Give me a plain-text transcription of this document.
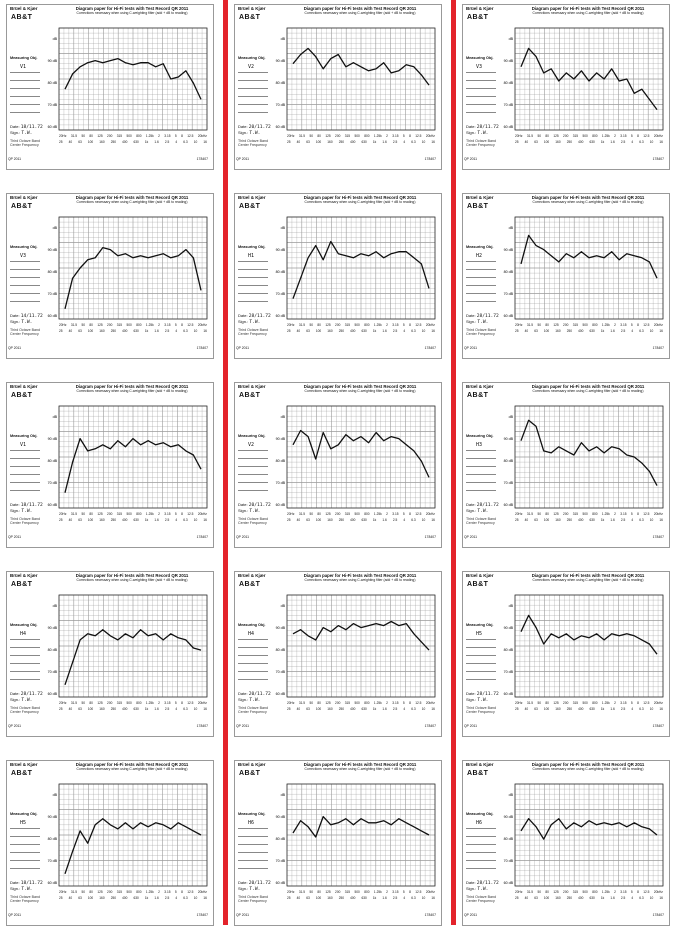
dB
90 dB
80 dB
70 dB
60 dB
Brüel & Kjær
AB&T
Diagram paper for Hi-Fi tests with Test Record QR 2011
Corrections necessary when using C-weighting filter (add + dB to reading)
Measuring Obj.
V1
Date: 18/11.72
Sign.: T.W.
Third Octave Band
Center Frequency
20Hz 31.5 50 80 125 200 315 500 800 1.25k 2 3.15 5 8 12.5 20kHz
25 40 63 100 160 250 400 630 1k 1.6 2.5 4 6.3 10 16
QP 2011	178407
dB
90 dB
80 dB
70 dB
60 dB
Brüel & Kjær
AB&T
Diagram paper for Hi-Fi tests with Test Record QR 2011
Corrections necessary when using C-weighting filter (add + dB to reading)
Measuring Obj.
V2
Date: 20/11.72
Sign.: T.W.
Third Octave Band
Center Frequency
20Hz 31.5 50 80 125 200 315 500 800 1.25k 2 3.15 5 8 12.5 20kHz
25 40 63 100 160 250 400 630 1k 1.6 2.5 4 6.3 10 16
QP 2011	178407
dB
90 dB
80 dB
70 dB
60 dB
Brüel & Kjær
AB&T
Diagram paper for Hi-Fi tests with Test Record QR 2011
Corrections necessary when using C-weighting filter (add + dB to reading)
Measuring Obj.
V3
Date: 28/11.72
Sign.: T.W.
Third Octave Band
Center Frequency
20Hz 31.5 50 80 125 200 315 500 800 1.25k 2 3.15 5 8 12.5 20kHz
25 40 63 100 160 250 400 630 1k 1.6 2.5 4 6.3 10 16
QP 2011	178407
dB
90 dB
80 dB
70 dB
60 dB
Brüel & Kjær
AB&T
Diagram paper for Hi-Fi tests with Test Record QR 2011
Corrections necessary when using C-weighting filter (add + dB to reading)
Measuring Obj.
V3
Date: 14/11.72
Sign.: T.W.
Third Octave Band
Center Frequency
20Hz 31.5 50 80 125 200 315 500 800 1.25k 2 3.15 5 8 12.5 20kHz
25 40 63 100 160 250 400 630 1k 1.6 2.5 4 6.3 10 16
QP 2011	178407
dB
90 dB
80 dB
70 dB
60 dB
Brüel & Kjær
AB&T
Diagram paper for Hi-Fi tests with Test Record QR 2011
Corrections necessary when using C-weighting filter (add + dB to reading)
Measuring Obj.
H1
Date: 28/11.72
Sign.: T.W.
Third Octave Band
Center Frequency
20Hz 31.5 50 80 125 200 315 500 800 1.25k 2 3.15 5 8 12.5 20kHz
25 40 63 100 160 250 400 630 1k 1.6 2.5 4 6.3 10 16
QP 2011	178407
dB
90 dB
80 dB
70 dB
60 dB
Brüel & Kjær
AB&T
Diagram paper for Hi-Fi tests with Test Record QR 2011
Corrections necessary when using C-weighting filter (add + dB to reading)
Measuring Obj.
H2
Date: 28/11.72
Sign.: T.W.
Third Octave Band
Center Frequency
20Hz 31.5 50 80 125 200 315 500 800 1.25k 2 3.15 5 8 12.5 20kHz
25 40 63 100 160 250 400 630 1k 1.6 2.5 4 6.3 10 16
QP 2011	178407
dB
90 dB
80 dB
70 dB
60 dB
Brüel & Kjær
AB&T
Diagram paper for Hi-Fi tests with Test Record QR 2011
Corrections necessary when using C-weighting filter (add + dB to reading)
Measuring Obj.
V1
Date: 18/11.72
Sign.: T.W.
Third Octave Band
Center Frequency
20Hz 31.5 50 80 125 200 315 500 800 1.25k 2 3.15 5 8 12.5 20kHz
25 40 63 100 160 250 400 630 1k 1.6 2.5 4 6.3 10 16
QP 2011	178407
dB
90 dB
80 dB
70 dB
60 dB
Brüel & Kjær
AB&T
Diagram paper for Hi-Fi tests with Test Record QR 2011
Corrections necessary when using C-weighting filter (add + dB to reading)
Measuring Obj.
V2
Date: 20/11.72
Sign.: T.W.
Third Octave Band
Center Frequency
20Hz 31.5 50 80 125 200 315 500 800 1.25k 2 3.15 5 8 12.5 20kHz
25 40 63 100 160 250 400 630 1k 1.6 2.5 4 6.3 10 16
QP 2011	178407
dB
90 dB
80 dB
70 dB
60 dB
Brüel & Kjær
AB&T
Diagram paper for Hi-Fi tests with Test Record QR 2011
Corrections necessary when using C-weighting filter (add + dB to reading)
Measuring Obj.
H3
Date: 28/11.72
Sign.: T.W.
Third Octave Band
Center Frequency
20Hz 31.5 50 80 125 200 315 500 800 1.25k 2 3.15 5 8 12.5 20kHz
25 40 63 100 160 250 400 630 1k 1.6 2.5 4 6.3 10 16
QP 2011	178407
dB
90 dB
80 dB
70 dB
60 dB
Brüel & Kjær
AB&T
Diagram paper for Hi-Fi tests with Test Record QR 2011
Corrections necessary when using C-weighting filter (add + dB to reading)
Measuring Obj.
H4
Date: 28/11.72
Sign.: T.W.
Third Octave Band
Center Frequency
20Hz 31.5 50 80 125 200 315 500 800 1.25k 2 3.15 5 8 12.5 20kHz
25 40 63 100 160 250 400 630 1k 1.6 2.5 4 6.3 10 16
QP 2011	178407
dB
90 dB
80 dB
70 dB
60 dB
Brüel & Kjær
AB&T
Diagram paper for Hi-Fi tests with Test Record QR 2011
Corrections necessary when using C-weighting filter (add + dB to reading)
Measuring Obj.
H4
Date: 20/11.72
Sign.: T.W.
Third Octave Band
Center Frequency
20Hz 31.5 50 80 125 200 315 500 800 1.25k 2 3.15 5 8 12.5 20kHz
25 40 63 100 160 250 400 630 1k 1.6 2.5 4 6.3 10 16
QP 2011	178407
dB
90 dB
80 dB
70 dB
60 dB
Brüel & Kjær
AB&T
Diagram paper for Hi-Fi tests with Test Record QR 2011
Corrections necessary when using C-weighting filter (add + dB to reading)
Measuring Obj.
H5
Date: 28/11.72
Sign.: T.W.
Third Octave Band
Center Frequency
20Hz 31.5 50 80 125 200 315 500 800 1.25k 2 3.15 5 8 12.5 20kHz
25 40 63 100 160 250 400 630 1k 1.6 2.5 4 6.3 10 16
QP 2011	178407
dB
90 dB
80 dB
70 dB
60 dB
Brüel & Kjær
AB&T
Diagram paper for Hi-Fi tests with Test Record QR 2011
Corrections necessary when using C-weighting filter (add + dB to reading)
Measuring Obj.
H5
Date: 18/11.72
Sign.: T.W.
Third Octave Band
Center Frequency
20Hz 31.5 50 80 125 200 315 500 800 1.25k 2 3.15 5 8 12.5 20kHz
25 40 63 100 160 250 400 630 1k 1.6 2.5 4 6.3 10 16
QP 2011	178407
dB
90 dB
80 dB
70 dB
60 dB
Brüel & Kjær
AB&T
Diagram paper for Hi-Fi tests with Test Record QR 2011
Corrections necessary when using C-weighting filter (add + dB to reading)
Measuring Obj.
H6
Date: 20/11.72
Sign.: T.W.
Third Octave Band
Center Frequency
20Hz 31.5 50 80 125 200 315 500 800 1.25k 2 3.15 5 8 12.5 20kHz
25 40 63 100 160 250 400 630 1k 1.6 2.5 4 6.3 10 16
QP 2011	178407
dB
90 dB
80 dB
70 dB
60 dB
Brüel & Kjær
AB&T
Diagram paper for Hi-Fi tests with Test Record QR 2011
Corrections necessary when using C-weighting filter (add + dB to reading)
Measuring Obj.
H6
Date: 28/11.72
Sign.: T.W.
Third Octave Band
Center Frequency
20Hz 31.5 50 80 125 200 315 500 800 1.25k 2 3.15 5 8 12.5 20kHz
25 40 63 100 160 250 400 630 1k 1.6 2.5 4 6.3 10 16
QP 2011	178407
